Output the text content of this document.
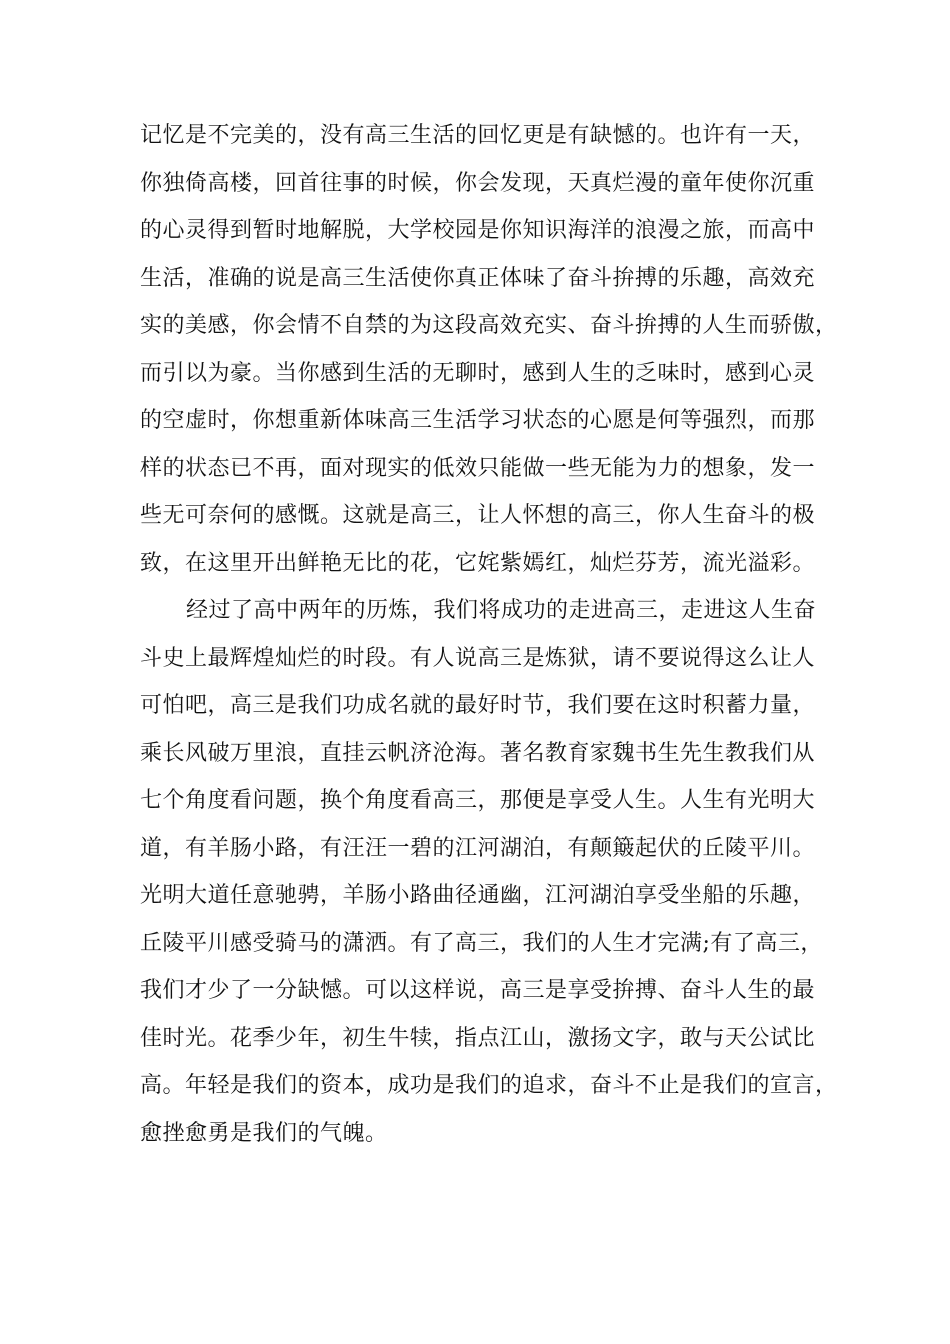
记忆是不完美的，没有高三生活的回忆更是有缺憾的。也许有一天，
你独倚高楼，回首往事的时候，你会发现，天真烂漫的童年使你沉重
的心灵得到暂时地解脱，大学校园是你知识海洋的浪漫之旅，而高中
生活，准确的说是高三生活使你真正体味了奋斗拚搏的乐趣，高效充
实的美感，你会情不自禁的为这段高效充实、奋斗拚搏的人生而骄傲，
而引以为豪。当你感到生活的无聊时，感到人生的乏味时，感到心灵
的空虚时，你想重新体味高三生活学习状态的心愿是何等强烈，而那
样的状态已不再，面对现实的低效只能做一些无能为力的想象，发一
些无可奈何的感慨。这就是高三，让人怀想的高三，你人生奋斗的极
致，在这里开出鲜艳无比的花，它姹紫嫣红，灿烂芬芳，流光溢彩。
经过了高中两年的历炼，我们将成功的走进高三，走进这人生奋
斗史上最辉煌灿烂的时段。有人说高三是炼狱，请不要说得这么让人
可怕吧，高三是我们功成名就的最好时节，我们要在这时积蓄力量，
乘长风破万里浪，直挂云帆济沧海。著名教育家魏书生先生教我们从
七个角度看问题，换个角度看高三，那便是享受人生。人生有光明大
道，有羊肠小路，有汪汪一碧的江河湖泊，有颠簸起伏的丘陵平川。
光明大道任意驰骋，羊肠小路曲径通幽，江河湖泊享受坐船的乐趣，
丘陵平川感受骑马的潇洒。有了高三，我们的人生才完满;有了高三，
我们才少了一分缺憾。可以这样说，高三是享受拚搏、奋斗人生的最
佳时光。花季少年，初生牛犊，指点江山，激扬文字，敢与天公试比
高。年轻是我们的资本，成功是我们的追求，奋斗不止是我们的宣言，
愈挫愈勇是我们的气魄。
